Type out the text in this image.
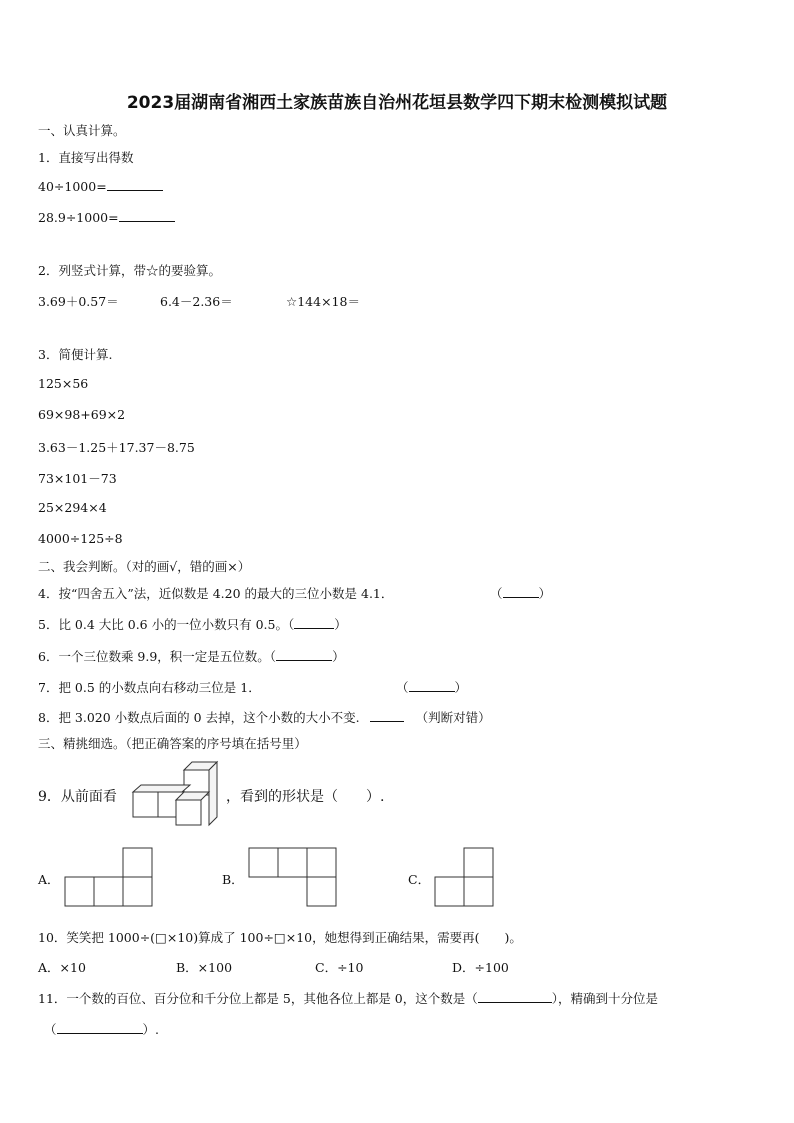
2023届湖南省湘西土家族苗族自治州花垣县数学四下期末检测模拟试题
一、认真计算。
1．直接写出得数
40÷1000=
28.9÷1000=
2．列竖式计算，带☆的要验算。
3.69＋0.57＝	6.4－2.36＝	☆144×18＝
3．简便计算.
125×56
69×98+69×2
3.63－1.25＋17.37－8.75
73×101－73
25×294×4
4000÷125÷8
二、我会判断。（对的画√，错的画×）
4．按“四舍五入”法，近似数是 4.20 的最大的三位小数是 4.1．	（	）
5．比 0.4 大比 0.6 小的一位小数只有 0.5。（	）
6．一个三位数乘 9.9，积一定是五位数。（	）
7．把 0.5 的小数点向右移动三位是 1．	（	）
8．把 3.020 小数点后面的 0 去掉，这个小数的大小不变.	（判断对错）
三、精挑细选。（把正确答案的序号填在括号里）
9．从前面看	，看到的形状是（　　）.
A．	B．	C．
10．笑笑把 1000÷(□×10)算成了 100÷□×10，她想得到正确结果，需要再(　　)。
A．×10	B．×100	C．÷10	D．÷100
11．一个数的百位、百分位和千分位上都是 5，其他各位上都是 0，这个数是（	），精确到十分位是
（	）.
